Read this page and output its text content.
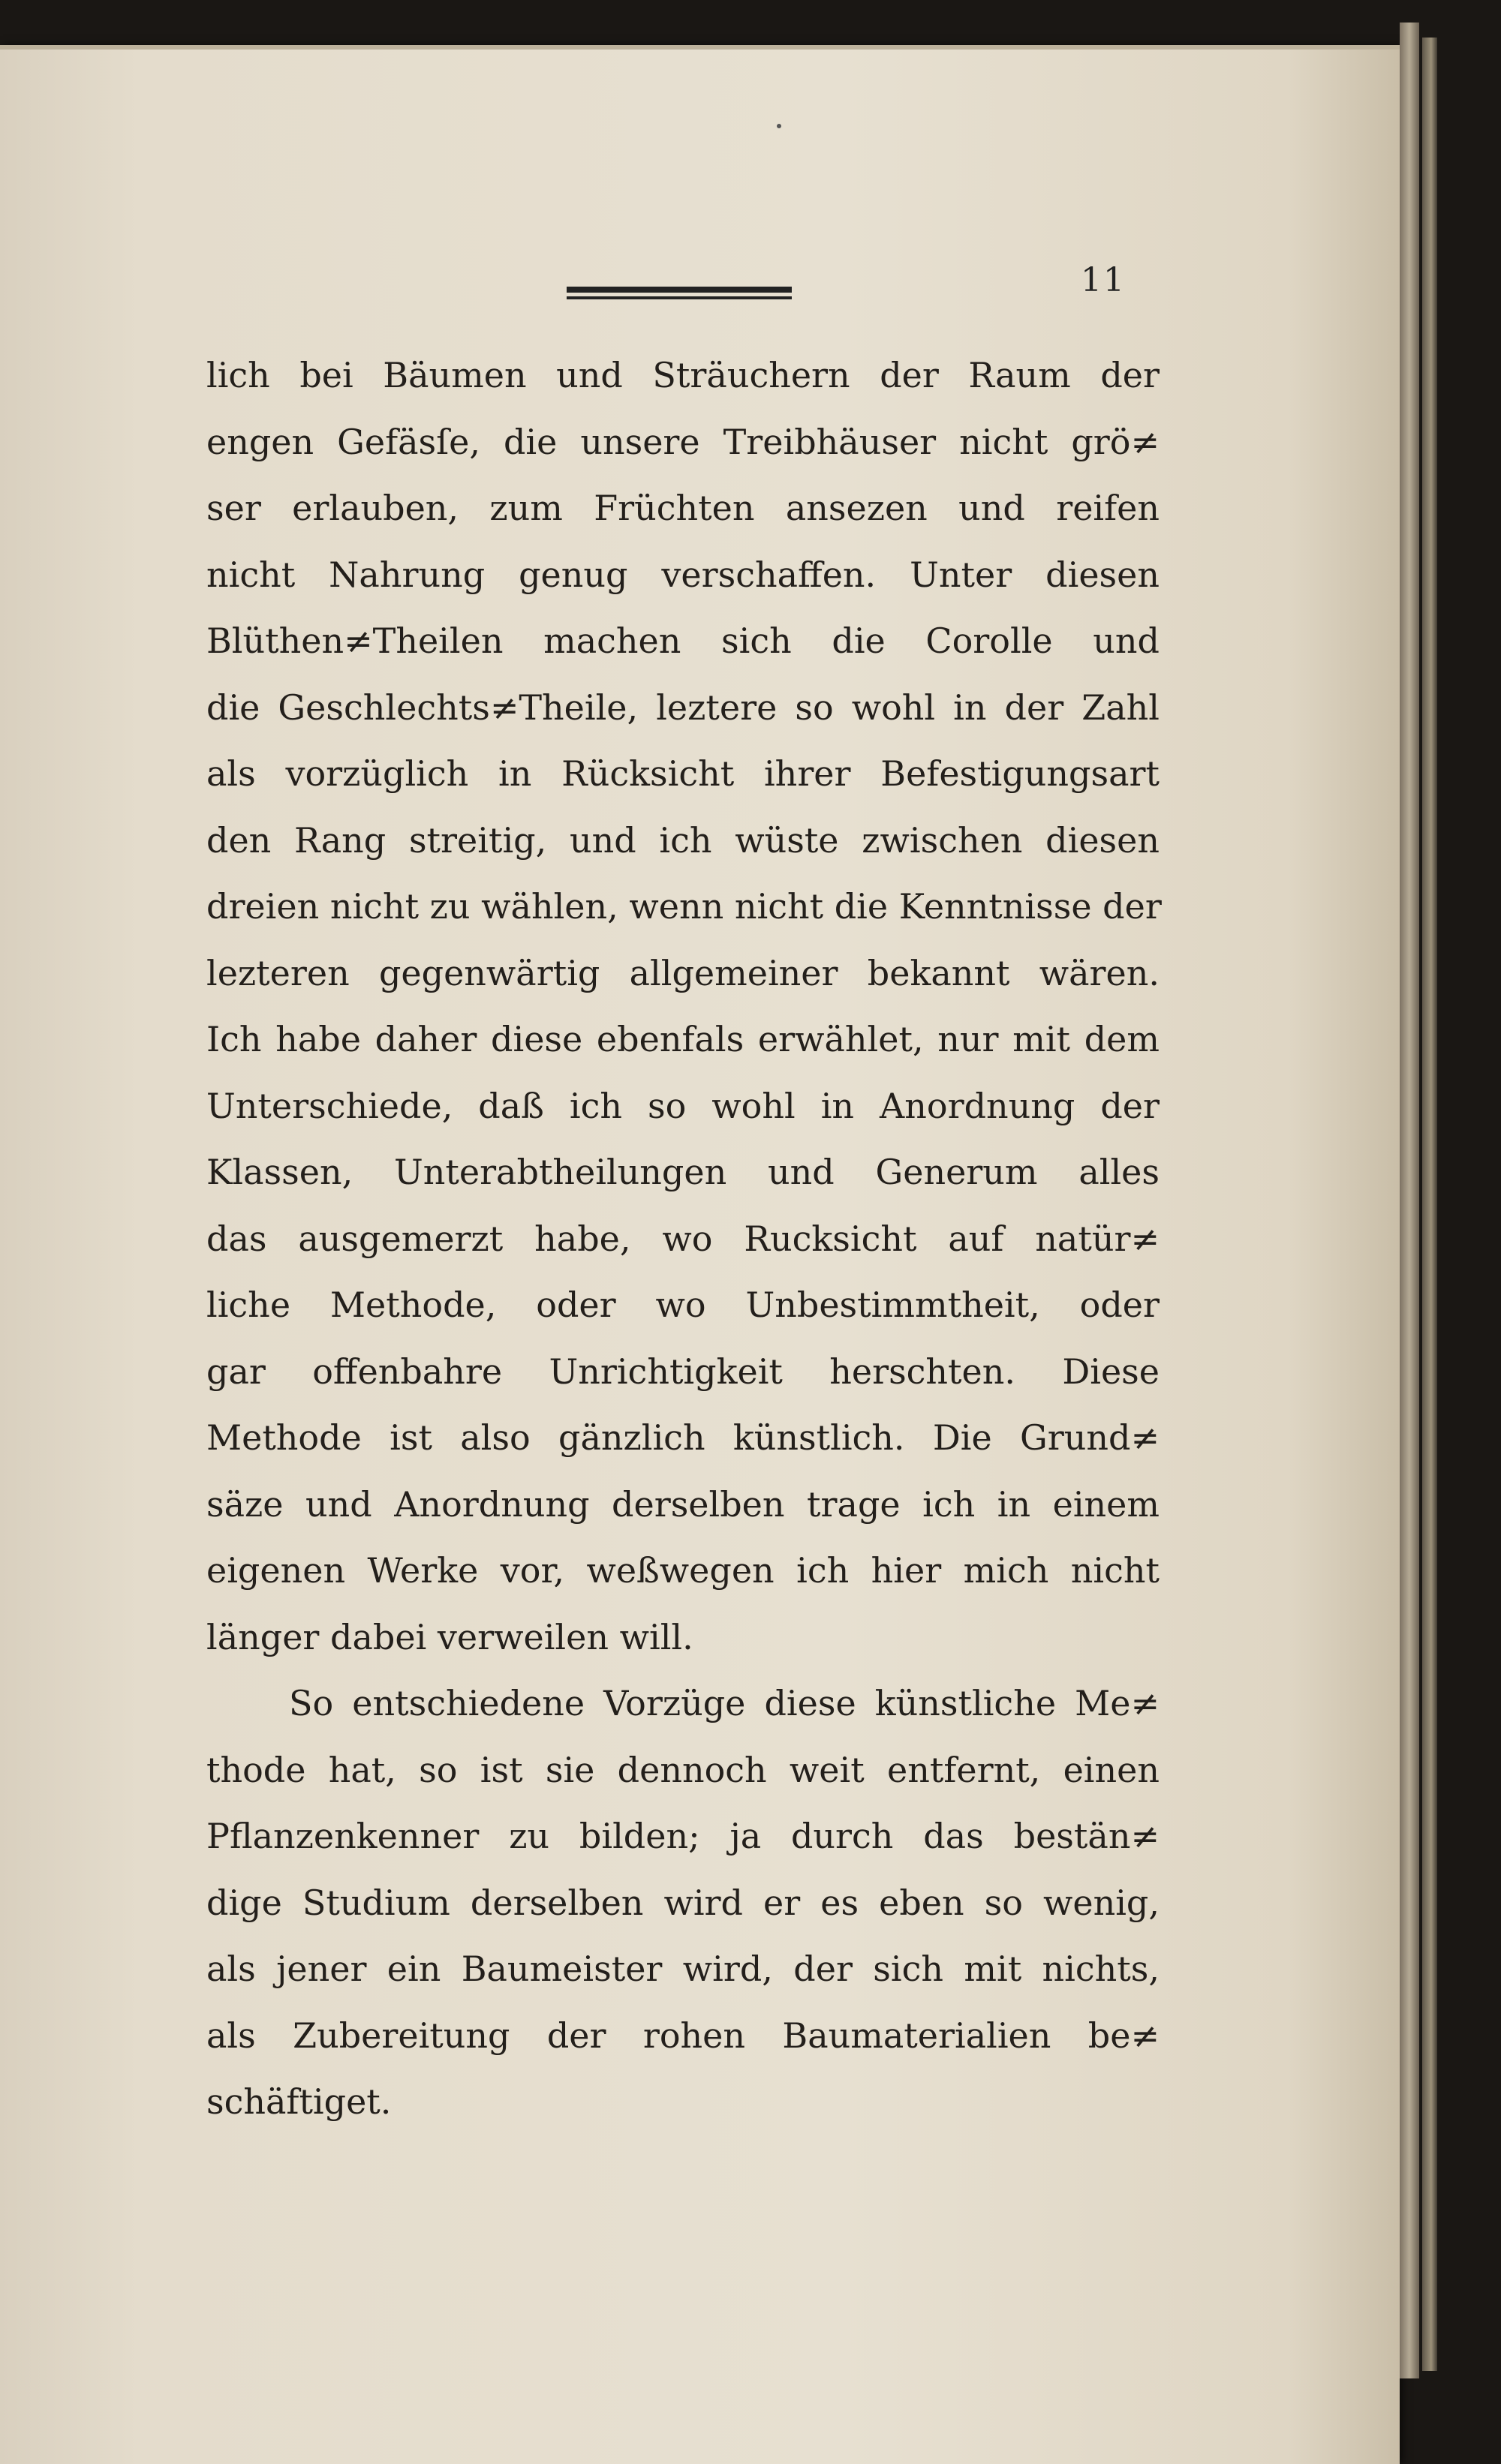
11
lich bei Bäumen und Sträuchern der Raum der
engen Gefäsſe, die unsere Treibhäuser nicht grö≠
ser erlauben, zum Früchten ansezen und reifen
nicht Nahrung genug verschaffen. Unter diesen
Blüthen≠Theilen machen sich die Corolle und
die Geschlechts≠Theile, leztere so wohl in der Zahl
als vorzüglich in Rücksicht ihrer Befestigungsart
den Rang streitig, und ich wüste zwischen diesen
dreien nicht zu wählen, wenn nicht die Kenntnisse der
lezteren gegenwärtig allgemeiner bekannt wären.
Ich habe daher diese ebenfals erwählet, nur mit dem
Unterschiede, daß ich so wohl in Anordnung der
Klassen, Unterabtheilungen und Generum alles
das ausgemerzt habe, wo Rucksicht auf natür≠
liche Methode, oder wo Unbestimmtheit, oder
gar offenbahre Unrichtigkeit herschten. Diese
Methode ist also gänzlich künstlich. Die Grund≠
säze und Anordnung derselben trage ich in einem
eigenen Werke vor, weßwegen ich hier mich nicht
länger dabei verweilen will.
So entschiedene Vorzüge diese künstliche Me≠
thode hat, so ist sie dennoch weit entfernt, einen
Pflanzenkenner zu bilden; ja durch das bestän≠
dige Studium derselben wird er es eben so wenig,
als jener ein Baumeister wird, der sich mit nichts,
als Zubereitung der rohen Baumaterialien be≠
schäftiget.
